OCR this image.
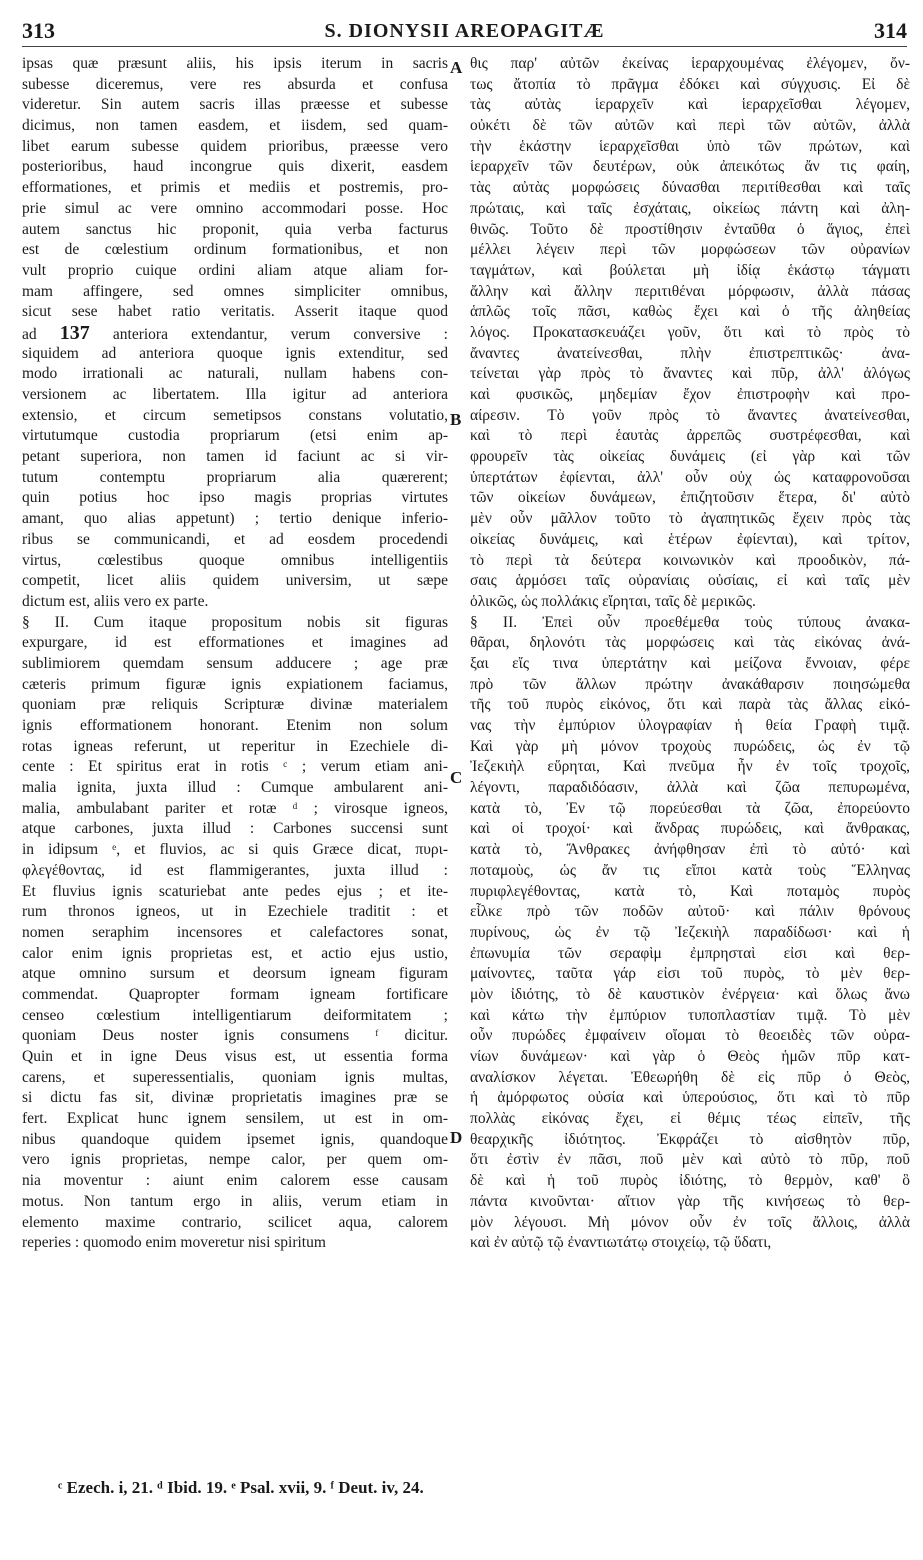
313	S. DIONYSII AREOPAGITÆ	314
ipsas quæ præsunt aliis, his ipsis iterum in sacris
subesse diceremus, vere res absurda et confusa
videretur. Sin autem sacris illas præesse et subesse
dicimus, non tamen easdem, et iisdem, sed quam-
libet earum subesse quidem prioribus, præesse vero
posterioribus, haud incongrue quis dixerit, easdem
efformationes, et primis et mediis et postremis, pro-
prie simul ac vere omnino accommodari posse. Hoc
autem sanctus hic proponit, quia verba facturus
est de cœlestium ordinum formationibus, et non
vult proprio cuique ordini aliam atque aliam for-
mam affingere, sed omnes simpliciter omnibus,
sicut sese habet ratio veritatis. Asserit itaque quod
ad 137 anteriora extendantur, verum conversive :
siquidem ad anteriora quoque ignis extenditur, sed
modo irrationali ac naturali, nullam habens con-
versionem ac libertatem. Illa igitur ad anteriora
extensio, et circum semetipsos constans volutatio,
virtutumque custodia propriarum (etsi enim ap-
petant superiora, non tamen id faciunt ac si vir-
tutum contemptu propriarum alia quærerent;
quin potius hoc ipso magis proprias virtutes
amant, quo alias appetunt) ; tertio denique inferio-
ribus se communicandi, et ad eosdem procedendi
virtus, cœlestibus quoque omnibus intelligentiis
competit, licet aliis quidem universim, ut sæpe
dictum est, aliis vero ex parte.
§ II. Cum itaque propositum nobis sit figuras
expurgare, id est efformationes et imagines ad
sublimiorem quemdam sensum adducere ; age præ
cæteris primum figuræ ignis expiationem faciamus,
quoniam præ reliquis Scripturæ divinæ materialem
ignis efformationem honorant. Etenim non solum
rotas igneas referunt, ut reperitur in Ezechiele di-
cente : Et spiritus erat in rotis ᶜ ; verum etiam ani-
malia ignita, juxta illud : Cumque ambularent ani-
malia, ambulabant pariter et rotæ ᵈ ; virosque igneos,
atque carbones, juxta illud : Carbones succensi sunt
in idipsum ᵉ, et fluvios, ac si quis Græce dicat, πυρι-
φλεγέθοντας, id est flammigerantes, juxta illud :
Et fluvius ignis scaturiebat ante pedes ejus ; et ite-
rum thronos igneos, ut in Ezechiele traditit : et
nomen seraphim incensores et calefactores sonat,
calor enim ignis proprietas est, et actio ejus ustio,
atque omnino sursum et deorsum igneam figuram
commendat. Quapropter formam igneam fortificare
censeo cœlestium intelligentiarum deiformitatem ;
quoniam Deus noster ignis consumens ᶠ dicitur.
Quin et in igne Deus visus est, ut essentia forma
carens, et superessentialis, quoniam ignis multas,
si dictu fas sit, divinæ proprietatis imagines præ se
fert. Explicat hunc ignem sensilem, ut est in om-
nibus quandoque quidem ipsemet ignis, quandoque
vero ignis proprietas, nempe calor, per quem om-
nia moventur : aiunt enim calorem esse causam
motus. Non tantum ergo in aliis, verum etiam in
elemento maxime contrario, scilicet aqua, calorem
reperies : quomodo enim moveretur nisi spiritum
θις παρ' αὐτῶν ἐκείνας ἱεραρχουμένας ἐλέγομεν, ὄν-
τως ἄτοπία τὸ πρᾶγμα ἐδόκει καὶ σύγχυσις. Εἰ δὲ
τὰς αὐτὰς ἱεραρχεῖν καὶ ἱεραρχεῖσθαι λέγομεν,
οὐκέτι δὲ τῶν αὐτῶν καὶ περὶ τῶν αὐτῶν, ἀλλὰ
τὴν ἑκάστην ἱεραρχεῖσθαι ὑπὸ τῶν πρώτων, καὶ
ἱεραρχεῖν τῶν δευτέρων, οὐκ ἀπεικότως ἄν τις φαίη,
τὰς αὐτὰς μορφώσεις δύνασθαι περιτίθεσθαι καὶ ταῖς
πρώταις, καὶ ταῖς ἐσχάταις, οἰκείως πάντη καὶ ἀλη-
θινῶς. Τοῦτο δὲ προστίθησιν ἐνταῦθα ὁ ἅγιος, ἐπεὶ
μέλλει λέγειν περὶ τῶν μορφώσεων τῶν οὐρανίων
ταγμάτων, καὶ βούλεται μὴ ἰδίᾳ ἑκάστῳ τάγματι
ἄλλην καὶ ἄλλην περιτιθέναι μόρφωσιν, ἀλλὰ πάσας
ἁπλῶς τοῖς πᾶσι, καθὼς ἔχει καὶ ὁ τῆς ἀληθείας
λόγος. Προκατασκευάζει γοῦν, ὅτι καὶ τὸ πρὸς τὸ
ἄναντες ἀνατείνεσθαι, πλὴν ἐπιστρεπτικῶς· ἀνα-
τείνεται γὰρ πρὸς τὸ ἄναντες καὶ πῦρ, ἀλλ' ἀλόγως
καὶ φυσικῶς, μηδεμίαν ἔχον ἐπιστροφὴν καὶ προ-
αίρεσιν. Τὸ γοῦν πρὸς τὸ ἄναντες ἀνατείνεσθαι,
καὶ τὸ περὶ ἑαυτὰς ἀρρεπῶς συστρέφεσθαι, καὶ
φρουρεῖν τὰς οἰκείας δυνάμεις (εἰ γὰρ καὶ τῶν
ὑπερτάτων ἐφίενται, ἀλλ' οὖν οὐχ ὡς καταφρονοῦσαι
τῶν οἰκείων δυνάμεων, ἐπιζητοῦσιν ἕτερα, δι' αὐτὸ
μὲν οὖν μᾶλλον τοῦτο τὸ ἀγαπητικῶς ἔχειν πρὸς τὰς
οἰκείας δυνάμεις, καὶ ἑτέρων ἐφίενται), καὶ τρίτον,
τὸ περὶ τὰ δεύτερα κοινωνικὸν καὶ προοδικὸν, πά-
σαις ἁρμόσει ταῖς οὐρανίαις οὐσίαις, εἰ καὶ ταῖς μὲν
ὁλικῶς, ὡς πολλάκις εἴρηται, ταῖς δὲ μερικῶς.
§ II. Ἐπεὶ οὖν προεθέμεθα τοὺς τύπους ἀνακα-
θᾶραι, δηλονότι τὰς μορφώσεις καὶ τὰς εἰκόνας ἀνά-
ξαι εἴς τινα ὑπερτάτην καὶ μείζονα ἔννοιαν, φέρε
πρὸ τῶν ἄλλων πρώτην ἀνακάθαρσιν ποιησώμεθα
τῆς τοῦ πυρὸς εἰκόνος, ὅτι καὶ παρὰ τὰς ἄλλας εἰκό-
νας τὴν ἐμπύριον ὑλογραφίαν ἡ θεία Γραφὴ τιμᾷ.
Καὶ γὰρ μὴ μόνον τροχοὺς πυρώδεις, ὡς ἐν τῷ
Ἰεζεκιὴλ εὕρηται, Καὶ πνεῦμα ἦν ἐν τοῖς τροχοῖς,
λέγοντι, παραδιδόασιν, ἀλλὰ καὶ ζῶα πεπυρωμένα,
κατὰ τὸ, Ἐν τῷ πορεύεσθαι τὰ ζῶα, ἐπορεύοντο
καὶ οἱ τροχοί· καὶ ἄνδρας πυρώδεις, καὶ ἄνθρακας,
κατὰ τὸ, Ἄνθρακες ἀνήφθησαν ἐπὶ τὸ αὐτό· καὶ
ποταμοὺς, ὡς ἄν τις εἴποι κατὰ τοὺς Ἕλληνας
πυριφλεγέθοντας, κατὰ τὸ, Καὶ ποταμὸς πυρὸς
εἷλκε πρὸ τῶν ποδῶν αὐτοῦ· καὶ πάλιν θρόνους
πυρίνους, ὡς ἐν τῷ Ἰεζεκιὴλ παραδίδωσι· καὶ ἡ
ἐπωνυμία τῶν σεραφὶμ ἐμπρησταὶ εἰσι καὶ θερ-
μαίνοντες, ταῦτα γάρ εἰσι τοῦ πυρὸς, τὸ μὲν θερ-
μὸν ἰδιότης, τὸ δὲ καυστικὸν ἐνέργεια· καὶ ὅλως ἄνω
καὶ κάτω τὴν ἐμπύριον τυποπλαστίαν τιμᾷ. Τὸ μὲν
οὖν πυρώδες ἐμφαίνειν οἴομαι τὸ θεοειδὲς τῶν οὐρα-
νίων δυνάμεων· καὶ γὰρ ὁ Θεὸς ἡμῶν πῦρ κατ-
αναλίσκον λέγεται. Ἐθεωρήθη δὲ εἰς πῦρ ὁ Θεὸς,
ἡ ἀμόρφωτος οὐσία καὶ ὑπερούσιος, ὅτι καὶ τὸ πῦρ
πολλὰς εἰκόνας ἔχει, εἰ θέμις τέως εἰπεῖν, τῆς
θεαρχικῆς ἰδιότητος. Ἐκφράζει τὸ αἰσθητὸν πῦρ,
ὅτι ἐστὶν ἐν πᾶσι, ποῦ μὲν καὶ αὐτὸ τὸ πῦρ, ποῦ
δὲ καὶ ἡ τοῦ πυρὸς ἰδιότης, τὸ θερμὸν, καθ' ὃ
πάντα κινοῦνται· αἴτιον γὰρ τῆς κινήσεως τὸ θερ-
μὸν λέγουσι. Μὴ μόνον οὖν ἐν τοῖς ἄλλοις, ἀλλὰ
καὶ ἐν αὐτῷ τῷ ἐναντιωτάτῳ στοιχείῳ, τῷ ὕδατι,
A
B
C
D
ᶜ Ezech. i, 21. ᵈ Ibid. 19. ᵉ Psal. xvii, 9. ᶠ Deut. iv, 24.
